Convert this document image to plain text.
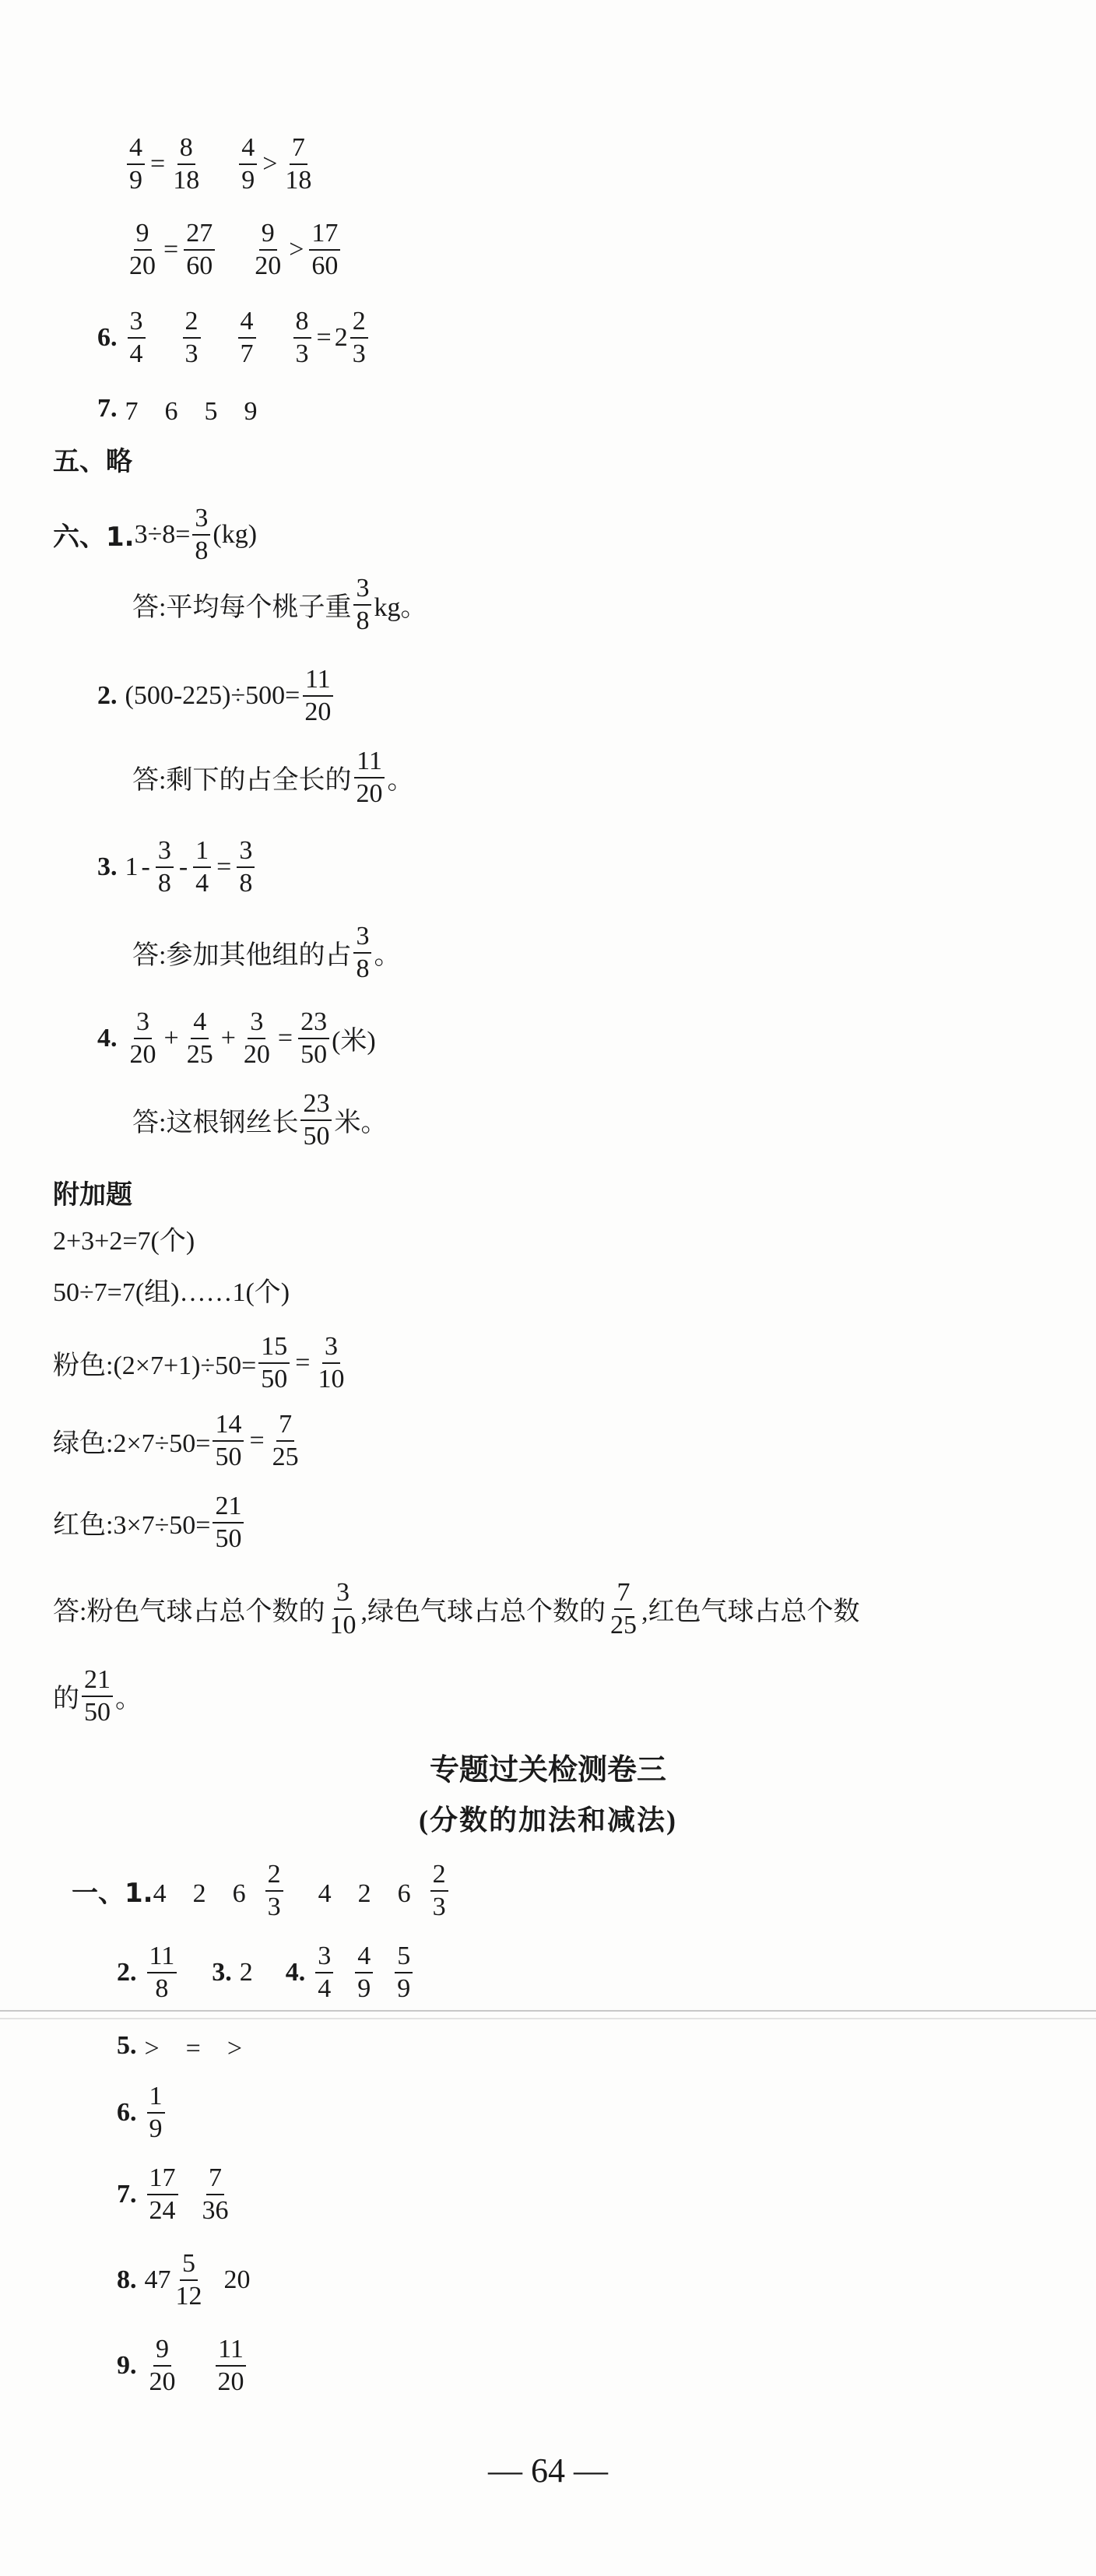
$\frac{4}{9} = \frac{8}{18} \frac{4}{9} > \frac{7}{18}$
$\frac{9}{20} = \frac{27}{60} \frac{9}{20} > \frac{17}{60}$
6. $\frac{3}{4} \frac{2}{3} \frac{4}{7} \frac{8}{3} = 2 \frac{2}{3}$
7. 7　6　5　9
五、略
六、1. $3\div 8= \frac{3}{8} (kg)$
答:平均每个桃子重 $\frac{3}{8}$ kg。
2. $(500-225)\div 500= \frac{11}{20}$
答:剩下的占全长的 $\frac{11}{20}$ 。
3. $1 - \frac{3}{8} - \frac{1}{4} = \frac{3}{8}$
答:参加其他组的占 $\frac{3}{8}$ 。
4. $\frac{3}{20} + \frac{4}{25} + \frac{3}{20} = \frac{23}{50}$ (米)
答:这根钢丝长 $\frac{23}{50}$ 米。
附加题
2+3+2=7(个)
50÷7=7(组)……1(个)
粉色:(2×7+1)÷50= $\frac{15}{50} = \frac{3}{10}$
绿色:2×7÷50= $\frac{14}{50} = \frac{7}{25}$
红色:3×7÷50= $\frac{21}{50}$
答:粉色气球占总个数的 $\frac{3}{10}$ ,绿色气球占总个数的 $\frac{7}{25}$ ,红色气球占总个数
的 $\frac{21}{50}$ 。
专题过关检测卷三
(分数的加法和减法)
一、1. 4　2　$6 \frac{2}{3} 4$　2　$6 \frac{2}{3}$
2. $\frac{11}{8} 3$. 2 4. $\frac{3}{4} \frac{4}{9} \frac{5}{9}$
5. >　=　>
6. $\frac{1}{9}$
7. $\frac{17}{24} \frac{7}{36}$
8. $47 \frac{5}{12} 20$
9. $\frac{9}{20} \frac{11}{20}$
— 64 —
